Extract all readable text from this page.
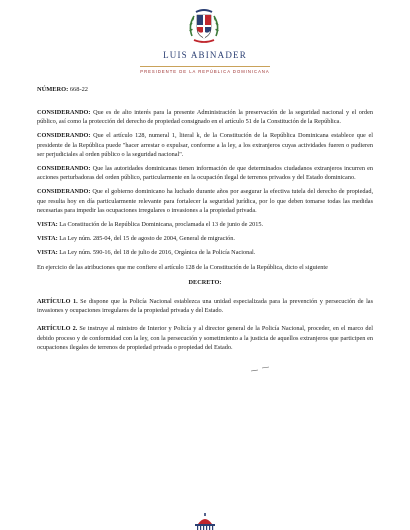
LUIS ABINADER
PRESIDENTE DE LA REPÚBLICA DOMINICANA
NÚMERO: 668-22

CONSIDERANDO: Que es de alto interés para la presente Administración la preservación de la seguridad nacional y el orden público, así como la protección del derecho de propiedad consignado en el artículo 51 de la Constitución de la República.

CONSIDERANDO: Que el artículo 128, numeral 1, literal k, de la Constitución de la República Dominicana establece que el presidente de la República puede "hacer arrestar o expulsar, conforme a la ley, a los extranjeros cuyas actividades fueren o pudieren ser perjudiciales al orden público o la seguridad nacional".

CONSIDERANDO: Que las autoridades dominicanas tienen información de que determinados ciudadanos extranjeros incurren en acciones perturbadoras del orden público, particularmente en la ocupación ilegal de terrenos privados y del Estado dominicano.

CONSIDERANDO: Que el gobierno dominicano ha luchado durante años por asegurar la efectiva tutela del derecho de propiedad, que resulta hoy en día particularmente relevante para fortalecer la seguridad jurídica, por lo que deben tomarse todas las medidas necesarias para impedir las ocupaciones irregulares o invasiones a la propiedad privada.

VISTA: La Constitución de la República Dominicana, proclamada el 13 de junio de 2015.

VISTA: La Ley núm. 285-04, del 15 de agosto de 2004, General de migración.

VISTA: La Ley núm. 590-16, del 18 de julio de 2016, Orgánica de la Policía Nacional.

En ejercicio de las atribuciones que me confiere el artículo 128 de la Constitución de la República, dicto el siguiente

DECRETO:

ARTÍCULO 1. Se dispone que la Policía Nacional establezca una unidad especializada para la prevención y persecución de las invasiones y ocupaciones irregulares de la propiedad privada y del Estado.

ARTÍCULO 2. Se instruye al ministro de Interior y Policía y al director general de la Policía Nacional, proceder, en el marco del debido proceso y de conformidad con la ley, con la persecución y sometimiento a la justicia de aquellos extranjeros que participen en ocupaciones ilegales de terrenos de propiedad privada o propiedad del Estado.
